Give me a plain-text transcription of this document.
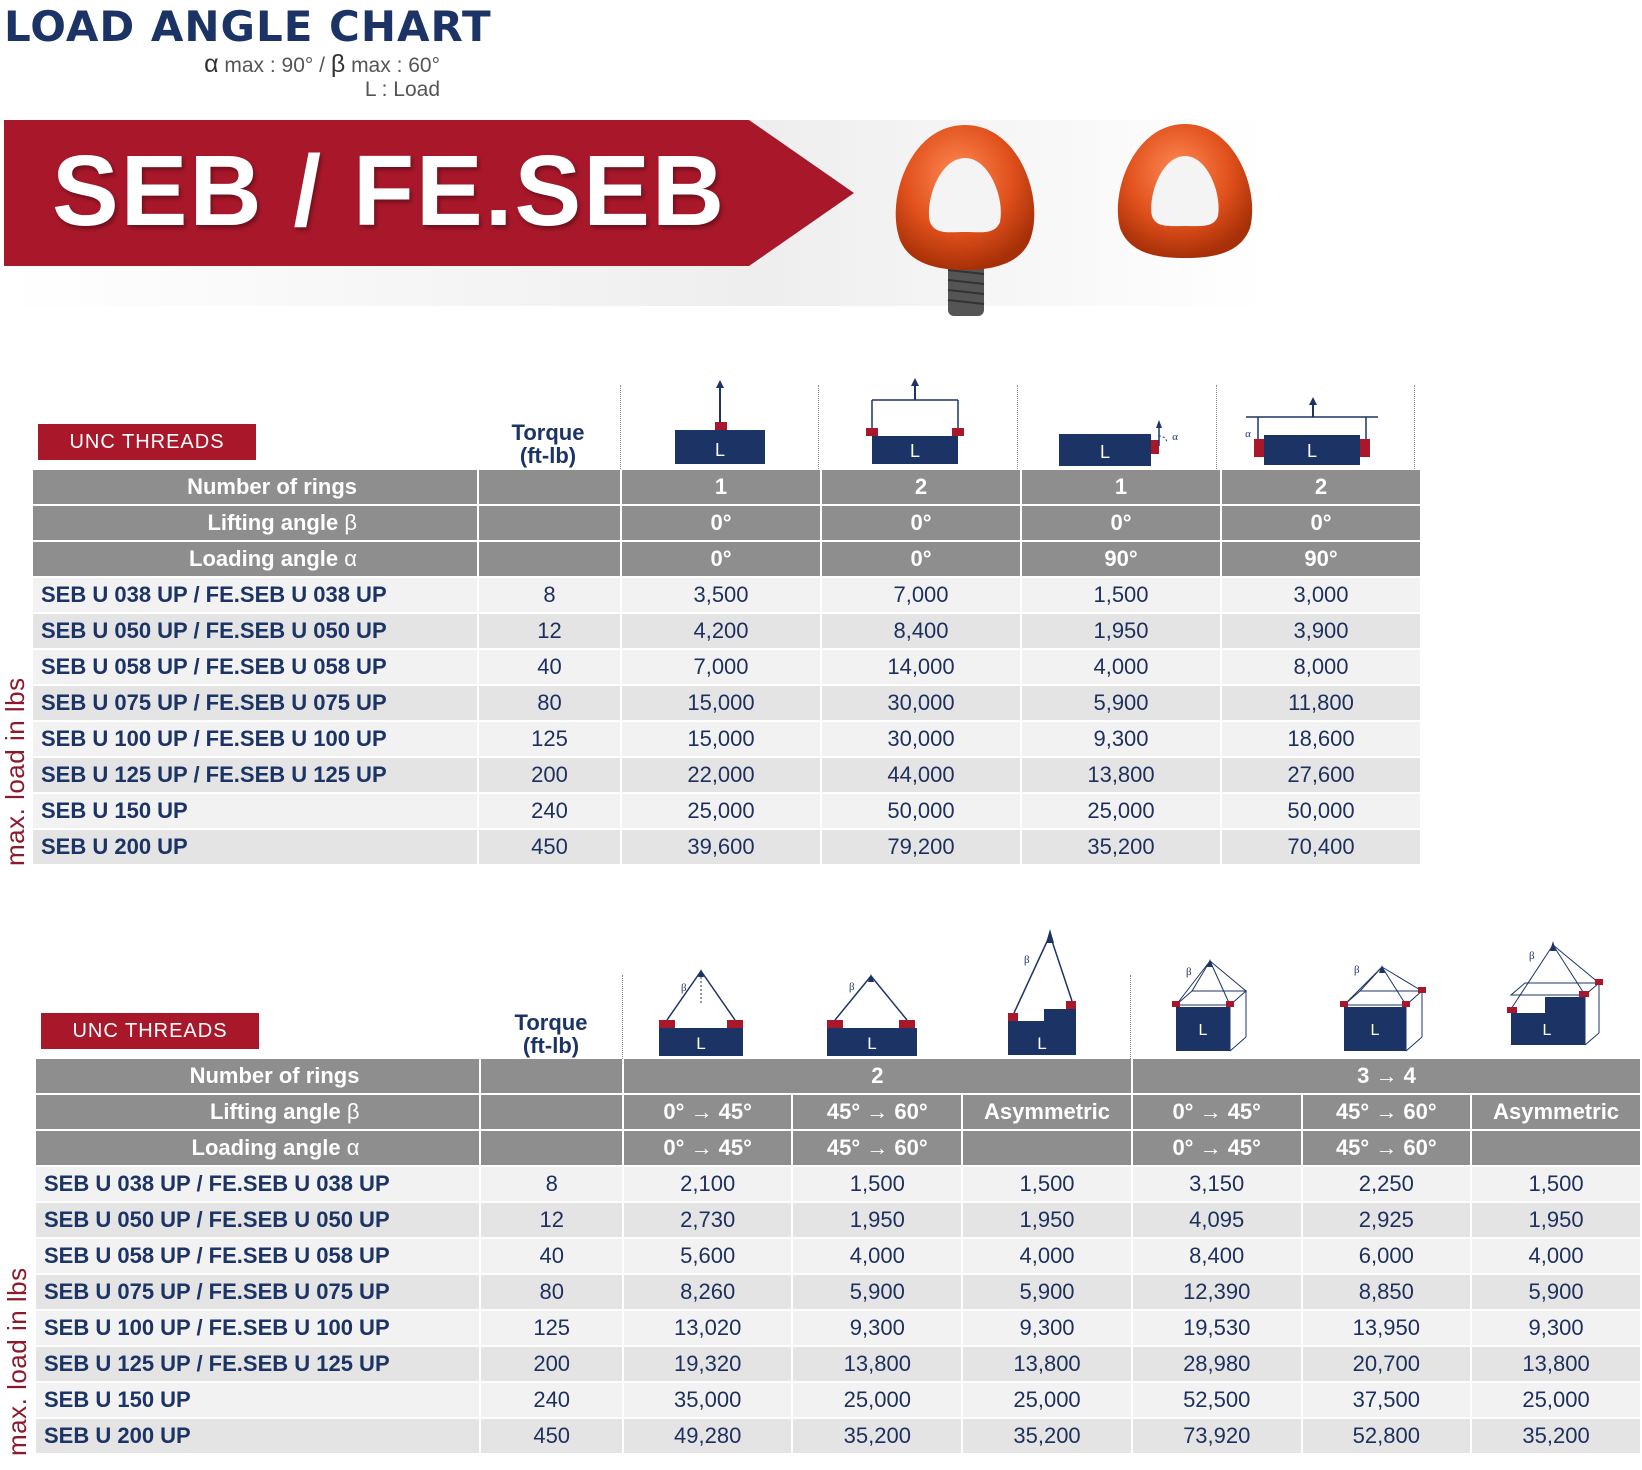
LOAD ANGLE CHART
α max : 90° / β max : 60°
L : Load
SEB / FE.SEB
UNC THREADS	Torque
(ft-lb)	L	L
α
L
α
L
max. load in lbs
Number of rings		1	2	1	2
Lifting angle β		0°	0°	0°	0°
Loading angle α		0°	0°	90°	90°
SEB U 038 UP / FE.SEB U 038 UP	8	3,500	7,000	1,500	3,000
SEB U 050 UP / FE.SEB U 050 UP	12	4,200	8,400	1,950	3,900
SEB U 058 UP / FE.SEB U 058 UP	40	7,000	14,000	4,000	8,000
SEB U 075 UP / FE.SEB U 075 UP	80	15,000	30,000	5,900	11,800
SEB U 100 UP / FE.SEB U 100 UP	125	15,000	30,000	9,300	18,600
SEB U 125 UP / FE.SEB U 125 UP	200	22,000	44,000	13,800	27,600
SEB U 150 UP	240	25,000	50,000	25,000	50,000
SEB U 200 UP	450	39,600	79,200	35,200	70,400
UNC THREADS	Torque
(ft-lb)
β
L
β
L
β
L
β
L
β
L
β
L
max. load in lbs
Number of rings		2			3 → 4		
Lifting angle β		0° → 45°	45° → 60°	Asymmetric	0° → 45°	45° → 60°	Asymmetric
Loading angle α		0° → 45°	45° → 60°		0° → 45°	45° → 60°	
SEB U 038 UP / FE.SEB U 038 UP	8	2,100	1,500	1,500	3,150	2,250	1,500
SEB U 050 UP / FE.SEB U 050 UP	12	2,730	1,950	1,950	4,095	2,925	1,950
SEB U 058 UP / FE.SEB U 058 UP	40	5,600	4,000	4,000	8,400	6,000	4,000
SEB U 075 UP / FE.SEB U 075 UP	80	8,260	5,900	5,900	12,390	8,850	5,900
SEB U 100 UP / FE.SEB U 100 UP	125	13,020	9,300	9,300	19,530	13,950	9,300
SEB U 125 UP / FE.SEB U 125 UP	200	19,320	13,800	13,800	28,980	20,700	13,800
SEB U 150 UP	240	35,000	25,000	25,000	52,500	37,500	25,000
SEB U 200 UP	450	49,280	35,200	35,200	73,920	52,800	35,200
